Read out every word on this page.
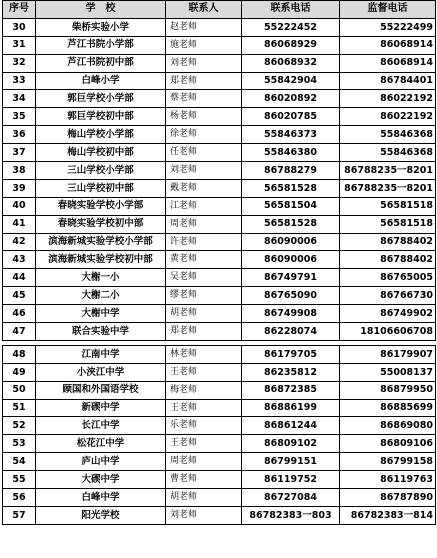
序号	学　校	联系人	联系电话	监督电话
30	柴桥实验小学	赵老师	55222452	55222499
31	芦江书院小学部	施老师	86068929	86068914
32	芦江书院初中部	刘老师	86068932	86068914
33	白峰小学	郑老师	55842904	86784401
34	郭巨学校小学部	蔡老师	86020892	86022192
35	郭巨学校初中部	杨老师	86020785	86022192
36	梅山学校小学部	徐老师	55846373	55846368
37	梅山学校初中部	任老师	55846380	55846368
38	三山学校小学部	刘老师	86788279	86788235一8201
39	三山学校初中部	戴老师	56581528	86788235一8201
40	春晓实验学校小学部	江老师	56581504	56581518
41	春晓实验学校初中部	周老师	56581528	56581518
42	滨海新城实验学校小学部	许老师	86090006	86788402
43	滨海新城实验学校初中部	黄老师	86090006	86788402
44	大榭一小	吴老师	86749791	86765005
45	大榭二小	缪老师	86765090	86766730
46	大榭中学	胡老师	86749908	86749902
47	联合实验中学	郑老师	86228074	18106606708
48	江南中学	林老师	86179705	86179907
49	小浃江中学	王老师	86235812	55008137
50	顾国和外国语学校	梅老师	86872385	86879950
51	新碶中学	王老师	86886199	86885699
52	长江中学	乐老师	86861244	86869080
53	松花江中学	王老师	86809102	86809106
54	庐山中学	周老师	86799151	86799158
55	大碶中学	曹老师	86119752	86119763
56	白峰中学	胡老师	86727084	86787890
57	阳光学校	刘老师	86782383一803	86782383一814
